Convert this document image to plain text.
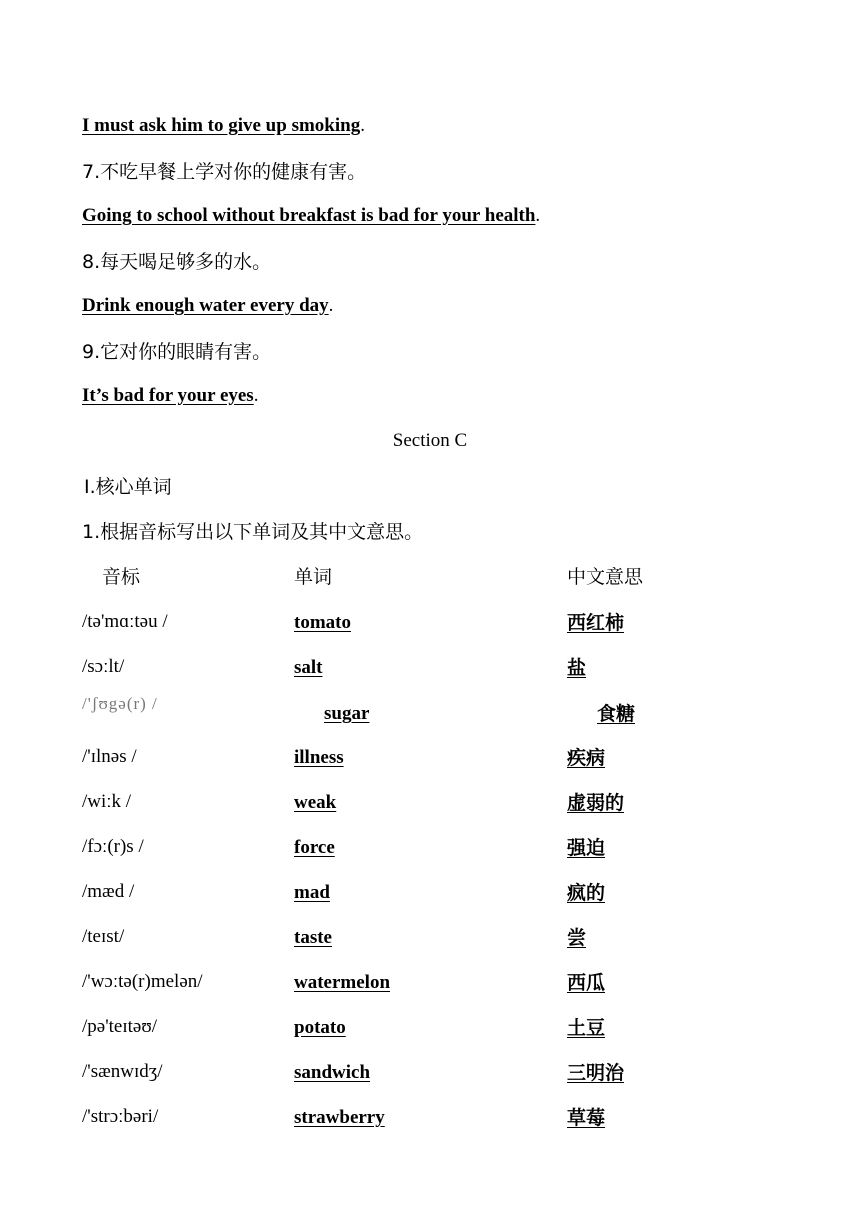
I must ask him to give up smoking.
7.不吃早餐上学对你的健康有害。
Going to school without breakfast is bad for your health.
8.每天喝足够多的水。
Drink enough water every day.
9.它对你的眼睛有害。
It’s bad for your eyes.
Section C
Ⅰ.核心单词
1.根据音标写出以下单词及其中文意思。
音标	单词	中文意思
/tə'mɑːtəu /	tomato	西红柿
/sɔːlt/	salt	盐
/'ʃʊgə(r) /	sugar	食糖
/'ɪlnəs /	illness	疾病
/wiːk /	weak	虚弱的
/fɔː(r)s /	force	强迫
/mæd /	mad	疯的
/teɪst/	taste	尝
/'wɔːtə(r)melən/	watermelon	西瓜
/pə'teɪtəʊ/	potato	土豆
/'sænwɪdʒ/	sandwich	三明治
/'strɔːbəri/	strawberry	草莓
